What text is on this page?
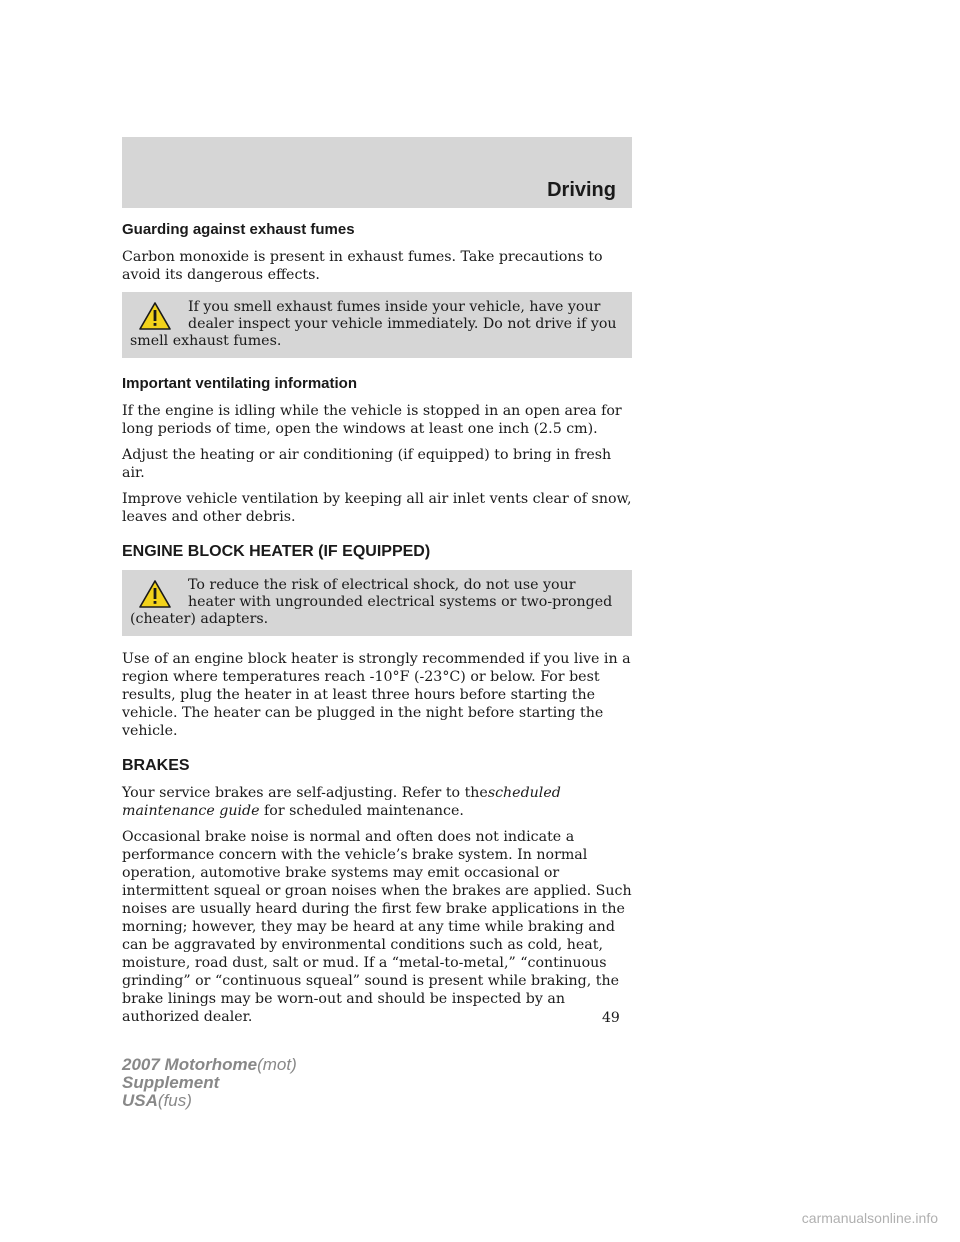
Driving
Guarding against exhaust fumes

Carbon monoxide is present in exhaust fumes. Take precautions to avoid its dangerous effects.

If you smell exhaust fumes inside your vehicle, have your dealer inspect your vehicle immediately. Do not drive if you smell exhaust fumes.
Important ventilating information

If the engine is idling while the vehicle is stopped in an open area for long periods of time, open the windows at least one inch (2.5 cm).

Adjust the heating or air conditioning (if equipped) to bring in fresh air.

Improve vehicle ventilation by keeping all air inlet vents clear of snow, leaves and other debris.

ENGINE BLOCK HEATER (IF EQUIPPED)
To reduce the risk of electrical shock, do not use your heater with ungrounded electrical systems or two-pronged (cheater) adapters.

Use of an engine block heater is strongly recommended if you live in a region where temperatures reach -10°F (-23°C) or below. For best results, plug the heater in at least three hours before starting the vehicle. The heater can be plugged in the night before starting the vehicle.

BRAKES

Your service brakes are self-adjusting. Refer to thescheduled maintenance guide for scheduled maintenance.

Occasional brake noise is normal and often does not indicate a performance concern with the vehicle’s brake system. In normal operation, automotive brake systems may emit occasional or intermittent squeal or groan noises when the brakes are applied. Such noises are usually heard during the first few brake applications in the morning; however, they may be heard at any time while braking and can be aggravated by environmental conditions such as cold, heat, moisture, road dust, salt or mud. If a “metal-to-metal,” “continuous grinding” or “continuous squeal” sound is present while braking, the brake linings may be worn-out and should be inspected by an authorized dealer.	49
2007 Motorhome(mot)
Supplement
USA(fus)
carmanualsonline.info
